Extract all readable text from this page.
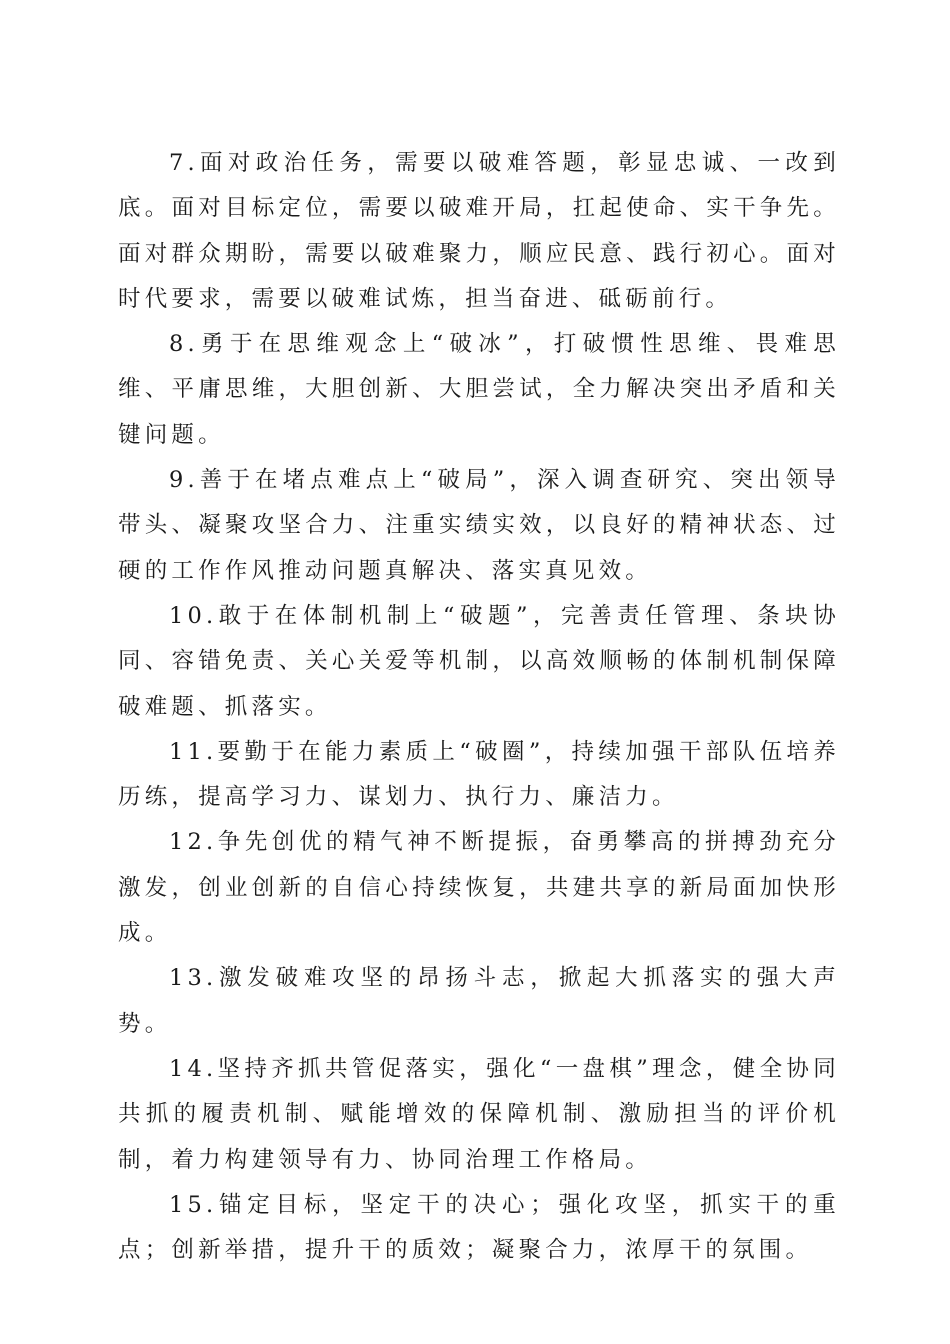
7.面对政治任务，需要以破难答题，彰显忠诚、一改到底。面对目标定位，需要以破难开局，扛起使命、实干争先。面对群众期盼，需要以破难聚力，顺应民意、践行初心。面对时代要求，需要以破难试炼，担当奋进、砥砺前行。

8.勇于在思维观念上“破冰”，打破惯性思维、畏难思维、平庸思维，大胆创新、大胆尝试，全力解决突出矛盾和关键问题。

9.善于在堵点难点上“破局”，深入调查研究、突出领导带头、凝聚攻坚合力、注重实绩实效，以良好的精神状态、过硬的工作作风推动问题真解决、落实真见效。

10.敢于在体制机制上“破题”，完善责任管理、条块协同、容错免责、关心关爱等机制，以高效顺畅的体制机制保障破难题、抓落实。

11.要勤于在能力素质上“破圈”，持续加强干部队伍培养历练，提高学习力、谋划力、执行力、廉洁力。

12.争先创优的精气神不断提振，奋勇攀高的拼搏劲充分激发，创业创新的自信心持续恢复，共建共享的新局面加快形成。

13.激发破难攻坚的昂扬斗志，掀起大抓落实的强大声势。

14.坚持齐抓共管促落实，强化“一盘棋”理念，健全协同共抓的履责机制、赋能增效的保障机制、激励担当的评价机制，着力构建领导有力、协同治理工作格局。

15.锚定目标，坚定干的决心；强化攻坚，抓实干的重点；创新举措，提升干的质效；凝聚合力，浓厚干的氛围。
